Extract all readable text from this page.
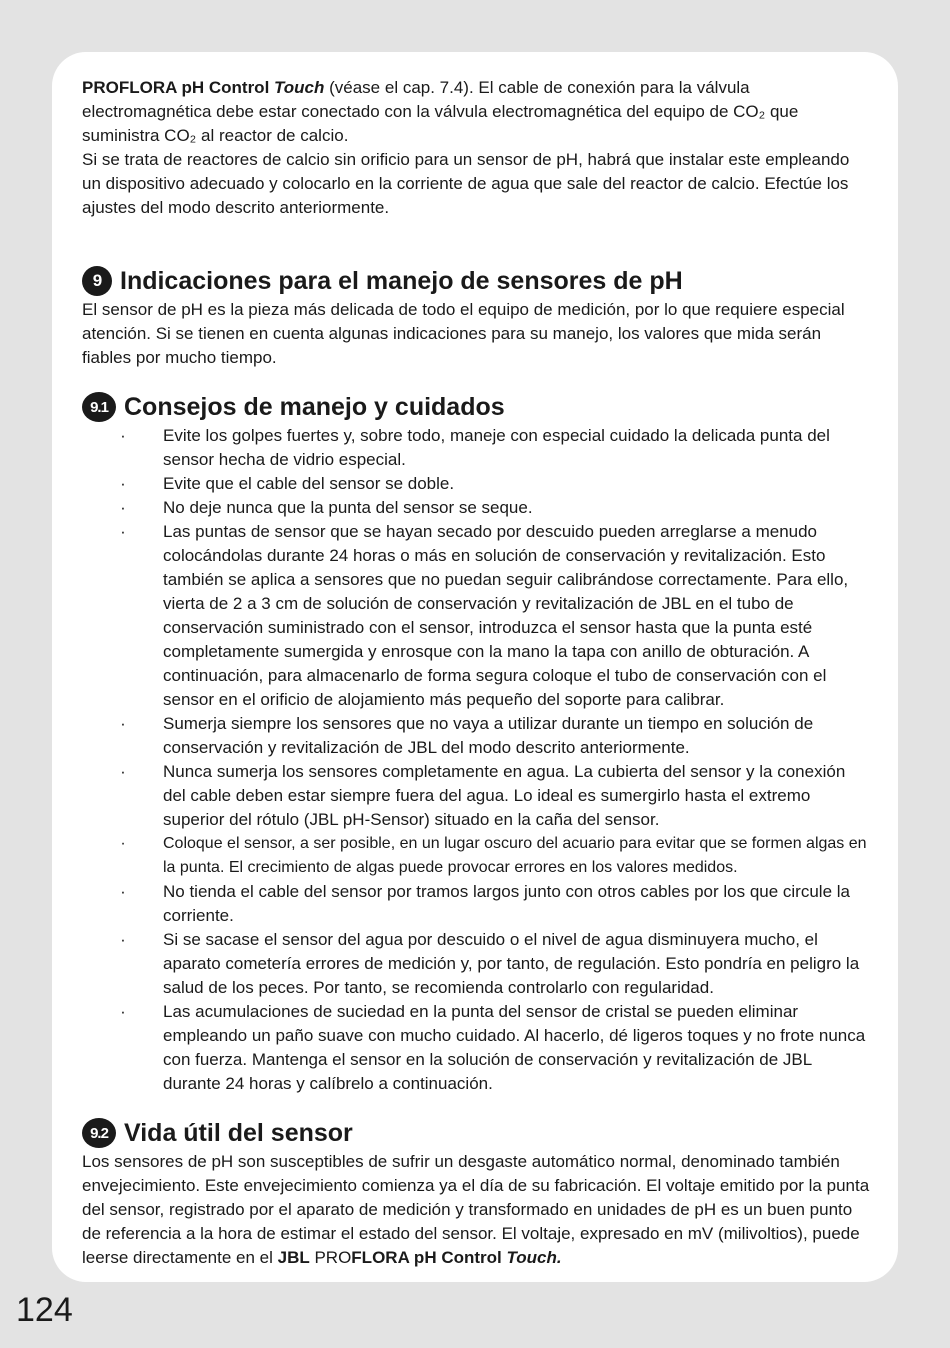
PROFLORA pH Control Touch (véase el cap. 7.4). El cable de conexión para la válvula electromagnética debe estar conectado con la válvula electromagnética del equipo de CO₂ que suministra CO₂ al reactor de calcio.

Si se trata de reactores de calcio sin orificio para un sensor de pH, habrá que instalar este empleando un dispositivo adecuado y colocarlo en la corriente de agua que sale del reactor de calcio. Efectúe los ajustes del modo descrito anteriormente.

9 Indicaciones para el manejo de sensores de pH

El sensor de pH es la pieza más delicada de todo el equipo de medición, por lo que requiere especial atención. Si se tienen en cuenta algunas indicaciones para su manejo, los valores que mida serán fiables por mucho tiempo.

9.1 Consejos de manejo y cuidados
· Evite los golpes fuertes y, sobre todo, maneje con especial cuidado la delicada punta del sensor hecha de vidrio especial.
· Evite que el cable del sensor se doble.
· No deje nunca que la punta del sensor se seque.
· Las puntas de sensor que se hayan secado por descuido pueden arreglarse a menudo colocándolas durante 24 horas o más en solución de conservación y revitalización. Esto también se aplica a sensores que no puedan seguir calibrándose correctamente. Para ello, vierta de 2 a 3 cm de solución de conservación y revitalización de JBL en el tubo de conservación suministrado con el sensor, introduzca el sensor hasta que la punta esté completamente sumergida y enrosque con la mano la tapa con anillo de obturación. A continuación, para almacenarlo de forma segura coloque el tubo de conservación con el sensor en el orificio de alojamiento más pequeño del soporte para calibrar.
· Sumerja siempre los sensores que no vaya a utilizar durante un tiempo en solución de conservación y revitalización de JBL del modo descrito anteriormente.
· Nunca sumerja los sensores completamente en agua. La cubierta del sensor y la conexión del cable deben estar siempre fuera del agua. Lo ideal es sumergirlo hasta el extremo superior del rótulo (JBL pH-Sensor) situado en la caña del sensor.
· Coloque el sensor, a ser posible, en un lugar oscuro del acuario para evitar que se formen algas en la punta. El crecimiento de algas puede provocar errores en los valores medidos.
· No tienda el cable del sensor por tramos largos junto con otros cables por los que circule la corriente.
· Si se sacase el sensor del agua por descuido o el nivel de agua disminuyera mucho, el aparato cometería errores de medición y, por tanto, de regulación. Esto pondría en peligro la salud de los peces. Por tanto, se recomienda controlarlo con regularidad.
· Las acumulaciones de suciedad en la punta del sensor de cristal se pueden eliminar empleando un paño suave con mucho cuidado. Al hacerlo, dé ligeros toques y no frote nunca con fuerza. Mantenga el sensor en la solución de conservación y revitalización de JBL durante 24 horas y calíbrelo a continuación.
9.2 Vida útil del sensor

Los sensores de pH son susceptibles de sufrir un desgaste automático normal, denominado también envejecimiento. Este envejecimiento comienza ya el día de su fabricación. El voltaje emitido por la punta del sensor, registrado por el aparato de medición y transformado en unidades de pH es un buen punto de referencia a la hora de estimar el estado del sensor. El voltaje, expresado en mV (milivoltios), puede leerse directamente en el JBL PROFLORA pH Control Touch.

124
